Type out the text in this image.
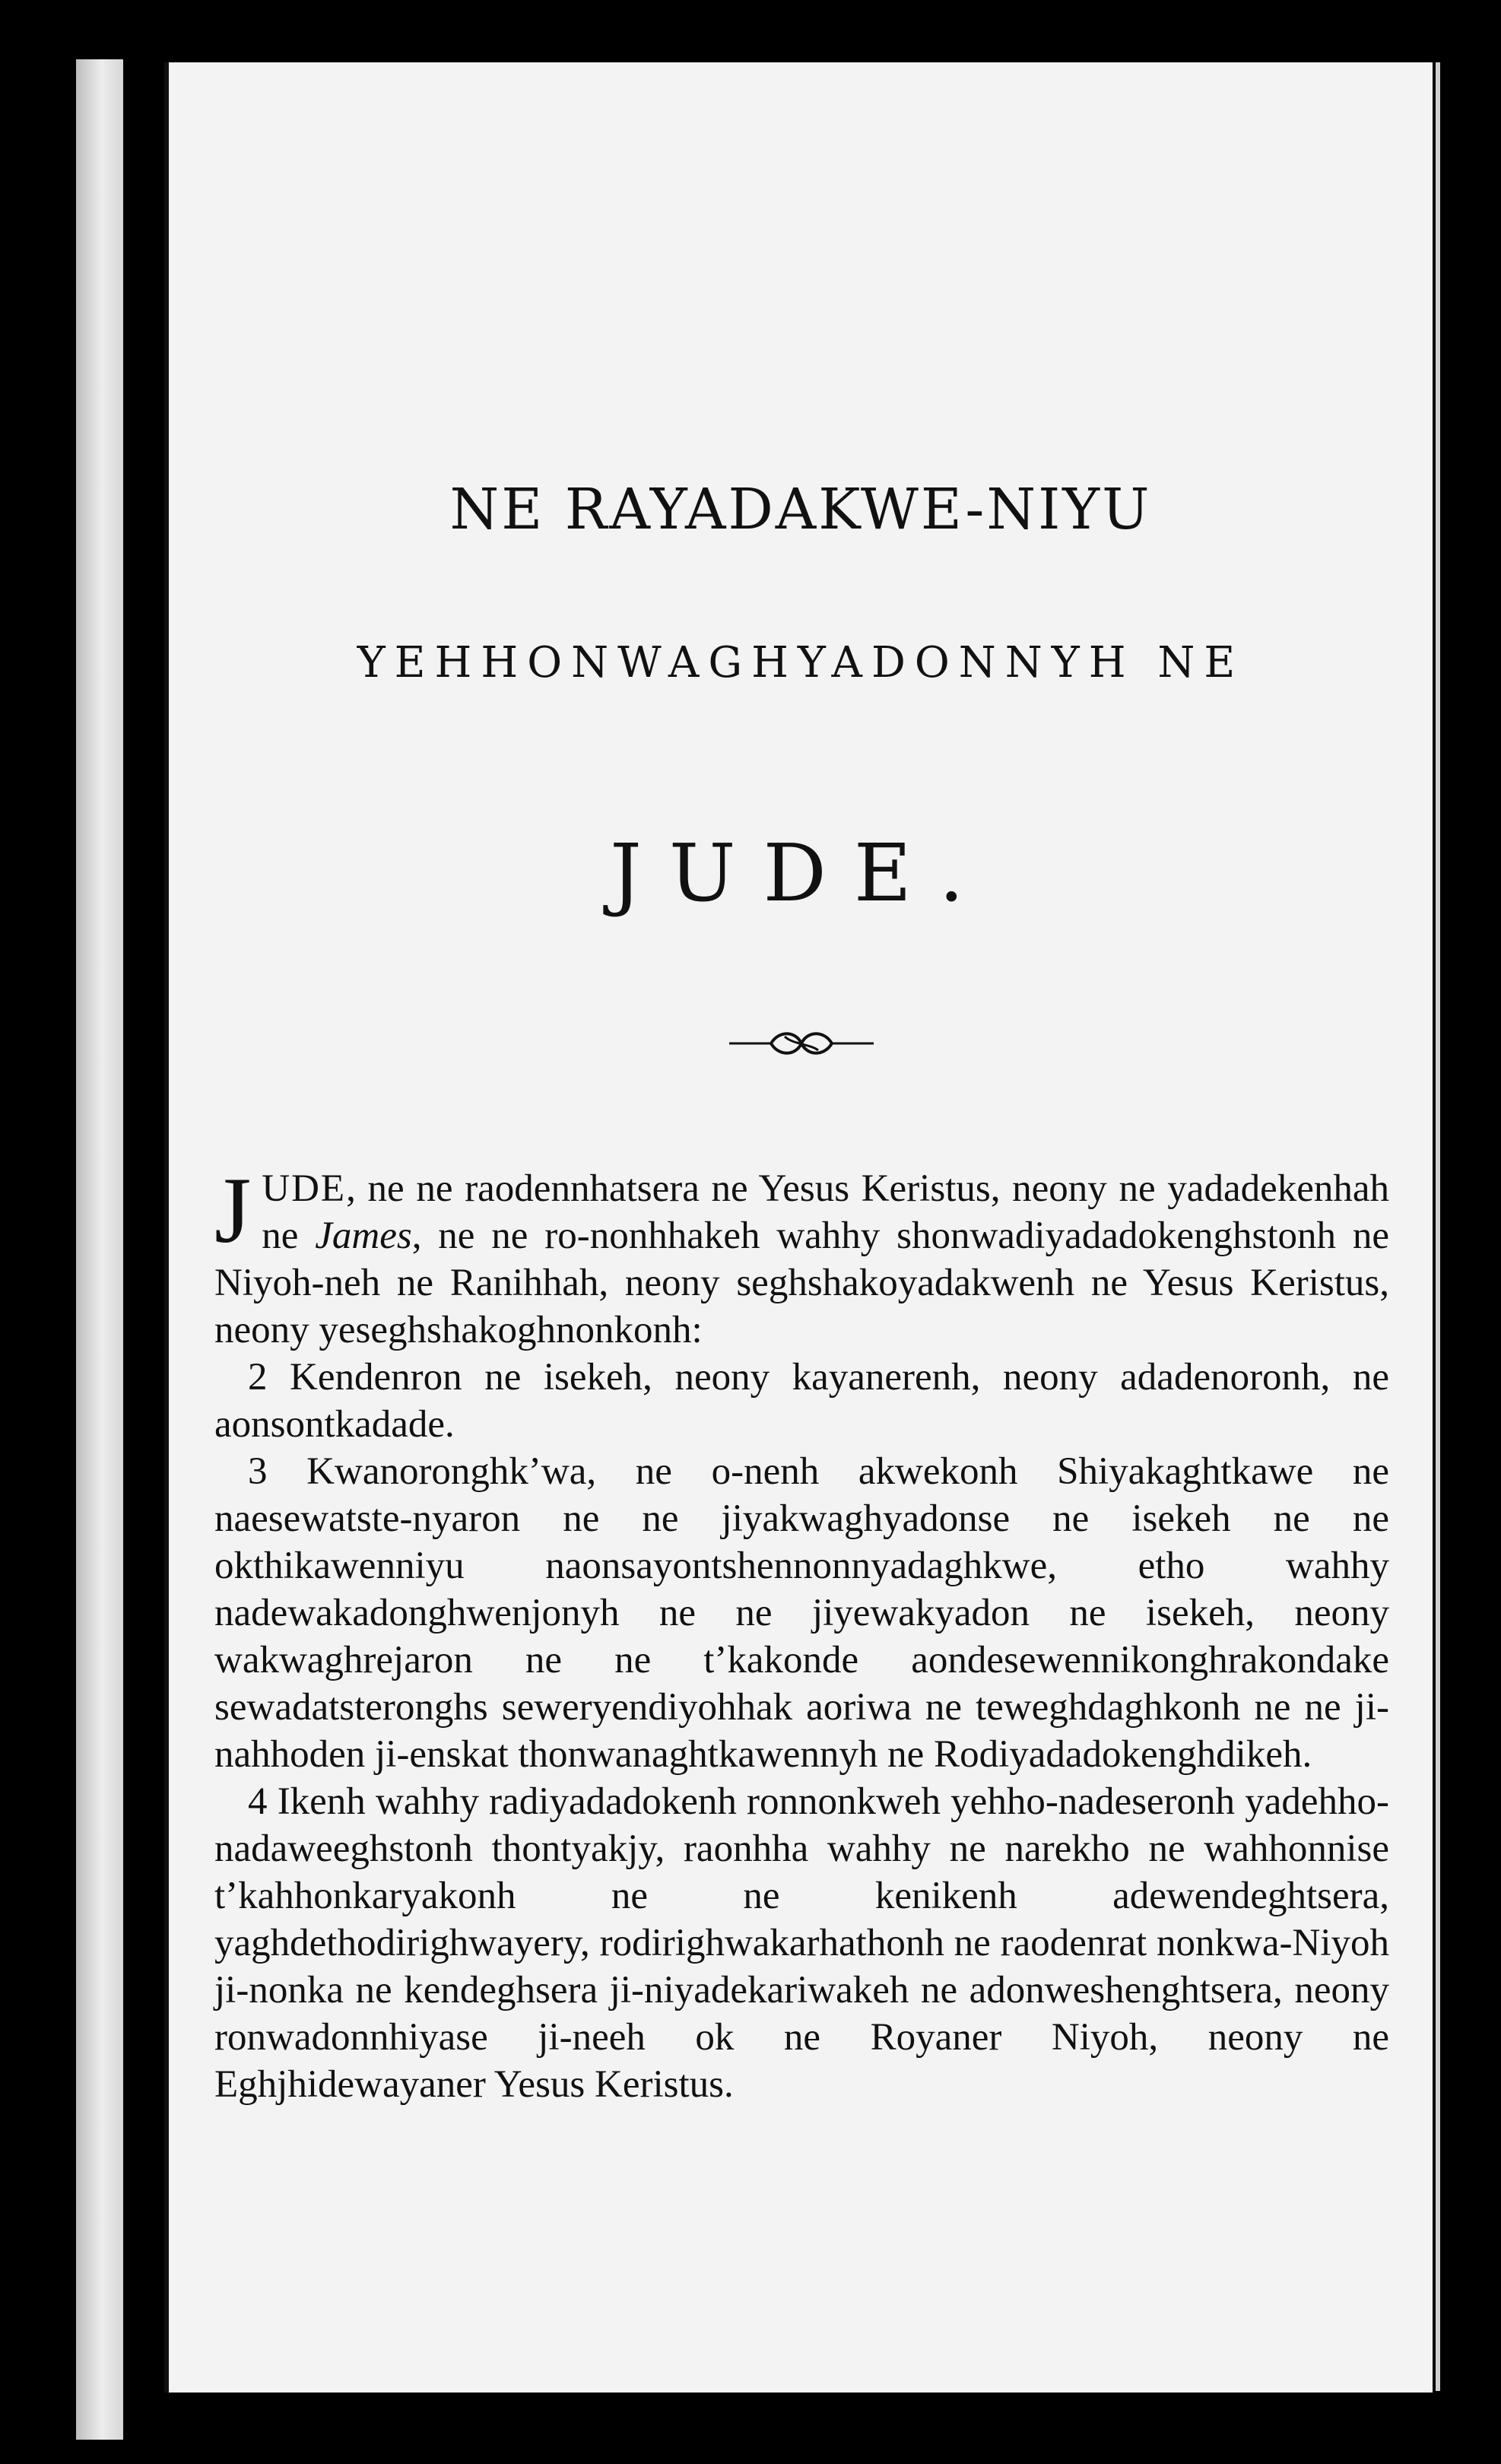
NE RAYADAKWE-NIYU
YEHHONWAGHYADONNYH NE
JUDE.

JUDE, ne ne raodennhatsera ne Yesus Keristus, neony ne yadadekenhah ne James, ne ne ro-nonhhakeh wahhy shonwadiyadadokenghstonh ne Niyoh-neh ne Ranihhah, neony seghshakoyadakwenh ne Yesus Keristus, neony yeseghshakoghnonkonh:

2 Kendenron ne isekeh, neony kayanerenh, neony adadenoronh, ne aonsontkadade.

3 Kwanoronghk’wa, ne o-nenh akwekonh Shiyakaghtkawe ne naesewatste-nyaron ne ne jiyakwaghyadonse ne isekeh ne ne okthikawenniyu naonsayontshennonnyadaghkwe, etho wahhy nadewakadonghwenjonyh ne ne jiyewakyadon ne isekeh, neony wakwaghrejaron ne ne t’kakonde aondesewennikonghrakondake sewadatsteronghs seweryendiyohhak aoriwa ne teweghdaghkonh ne ne ji-nahhoden ji-enskat thonwanaghtkawennyh ne Rodiyadadokenghdikeh.

4 Ikenh wahhy radiyadadokenh ronnonkweh yehho-nadeseronh yadehho-nadaweeghstonh thontyakjy, raonhha wahhy ne narekho ne wahhonnise t’kahhonkaryakonh ne ne kenikenh adewendeghtsera, yaghdethodirighwayery, rodirighwakarhathonh ne raodenrat nonkwa-Niyoh ji-nonka ne kendeghsera ji-niyadekariwakeh ne adonweshenghtsera, neony ronwadonnhiyase ji-neeh ok ne Royaner Niyoh, neony ne Eghjhidewayaner Yesus Keristus.
